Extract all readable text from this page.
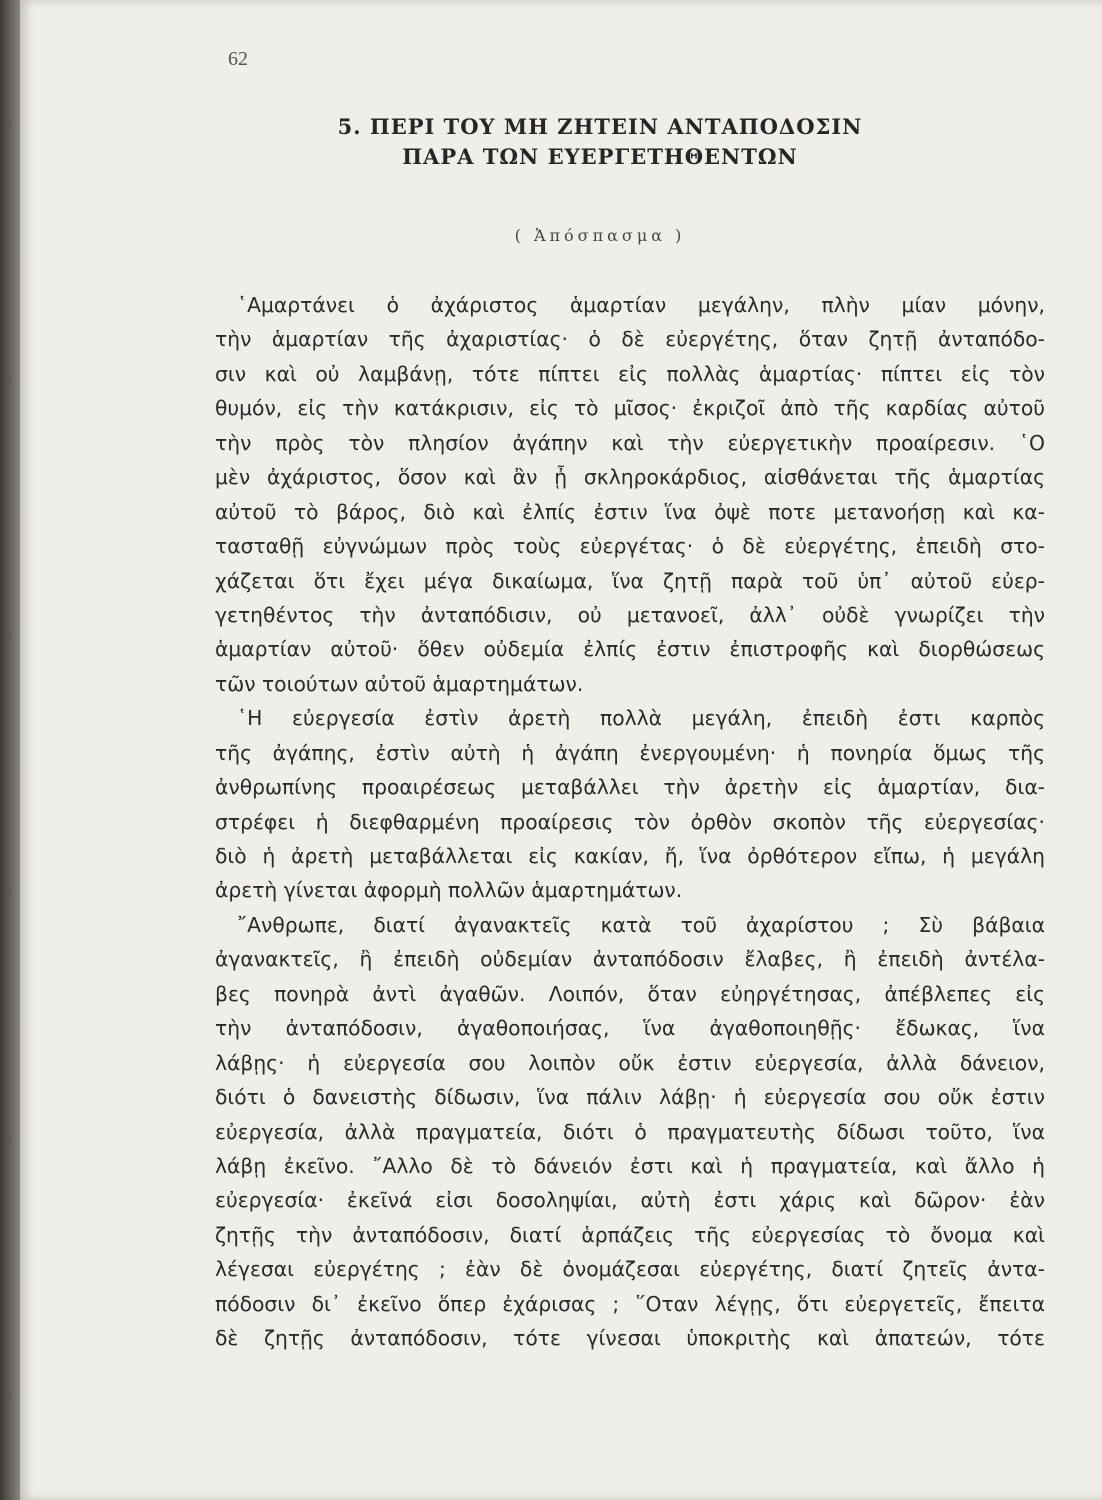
62
5. ΠΕΡΙ ΤΟΥ ΜΗ ΖΗΤΕΙΝ ΑΝΤΑΠΟΔΟΣΙΝ
ΠΑΡΑ ΤΩΝ ΕΥΕΡΓΕΤΗΘΕΝΤΩΝ
( Ἀπόσπασμα )
῾Αμαρτάνει ὁ ἀχάριστος ἁμαρτίαν μεγάλην, πλὴν μίαν μόνην,
τὴν ἁμαρτίαν τῆς ἀχαριστίας· ὁ δὲ εὐεργέτης, ὅταν ζητῇ ἀνταπόδο-
σιν καὶ οὐ λαμβάνῃ, τότε πίπτει εἰς πολλὰς ἁμαρτίας· πίπτει εἰς τὸν
θυμόν, εἰς τὴν κατάκρισιν, εἰς τὸ μῖσος· ἐκριζοῖ ἀπὸ τῆς καρδίας αὐτοῦ
τὴν πρὸς τὸν πλησίον ἀγάπην καὶ τὴν εὐεργετικὴν προαίρεσιν. ῾Ο
μὲν ἀχάριστος, ὅσον καὶ ἂν ᾖ σκληροκάρδιος, αἰσθάνεται τῆς ἁμαρτίας
αὐτοῦ τὸ βάρος, διὸ καὶ ἐλπίς ἐστιν ἵνα ὀψὲ ποτε μετανοήσῃ καὶ κα-
τασταθῇ εὐγνώμων πρὸς τοὺς εὐεργέτας· ὁ δὲ εὐεργέτης, ἐπειδὴ στο-
χάζεται ὅτι ἔχει μέγα δικαίωμα, ἵνα ζητῇ παρὰ τοῦ ὑπ᾽ αὐτοῦ εὐερ-
γετηθέντος τὴν ἀνταπόδισιν, οὐ μετανοεῖ, ἀλλ᾽ οὐδὲ γνωρίζει τὴν
ἁμαρτίαν αὐτοῦ· ὅθεν οὐδεμία ἐλπίς ἐστιν ἐπιστροφῆς καὶ διορθώσεως
τῶν τοιούτων αὐτοῦ ἁμαρτημάτων.
῾Η εὐεργεσία ἐστὶν ἀρετὴ πολλὰ μεγάλη, ἐπειδὴ ἐστι καρπὸς
τῆς ἀγάπης, ἐστὶν αὐτὴ ἡ ἀγάπη ἐνεργουμένη· ἡ πονηρία ὅμως τῆς
ἀνθρωπίνης προαιρέσεως μεταβάλλει τὴν ἀρετὴν εἰς ἁμαρτίαν, δια-
στρέφει ἡ διεφθαρμένη προαίρεσις τὸν ὀρθὸν σκοπὸν τῆς εὐεργεσίας·
διὸ ἡ ἀρετὴ μεταβάλλεται εἰς κακίαν, ἤ, ἵνα ὀρθότερον εἴπω, ἡ μεγάλη
ἀρετὴ γίνεται ἀφορμὴ πολλῶν ἁμαρτημάτων.
῎Ανθρωπε, διατί ἀγανακτεῖς κατὰ τοῦ ἀχαρίστου ; Σὺ βάβαια
ἀγανακτεῖς, ἢ ἐπειδὴ οὐδεμίαν ἀνταπόδοσιν ἔλαβες, ἢ ἐπειδὴ ἀντέλα-
βες πονηρὰ ἀντὶ ἀγαθῶν. Λοιπόν, ὅταν εὐηργέτησας, ἀπέβλεπες εἰς
τὴν ἀνταπόδοσιν, ἀγαθοποιήσας, ἵνα ἀγαθοποιηθῇς· ἔδωκας, ἵνα
λάβῃς· ἡ εὐεργεσία σου λοιπὸν οὔκ ἐστιν εὐεργεσία, ἀλλὰ δάνειον,
διότι ὁ δανειστὴς δίδωσιν, ἵνα πάλιν λάβῃ· ἡ εὐεργεσία σου οὔκ ἐστιν
εὐεργεσία, ἀλλὰ πραγματεία, διότι ὁ πραγματευτὴς δίδωσι τοῦτο, ἵνα
λάβῃ ἐκεῖνο. ῎Αλλο δὲ τὸ δάνειόν ἐστι καὶ ἡ πραγματεία, καὶ ἄλλο ἡ
εὐεργεσία· ἐκεῖνά εἰσι δοσοληψίαι, αὐτὴ ἐστι χάρις καὶ δῶρον· ἐὰν
ζητῇς τὴν ἀνταπόδοσιν, διατί ἁρπάζεις τῆς εὐεργεσίας τὸ ὄνομα καὶ
λέγεσαι εὐεργέτης ; ἐὰν δὲ ὀνομάζεσαι εὐεργέτης, διατί ζητεῖς ἀντα-
πόδοσιν δι᾽ ἐκεῖνο ὅπερ ἐχάρισας ; ῞Οταν λέγῃς, ὅτι εὐεργετεῖς, ἔπειτα
δὲ ζητῇς ἀνταπόδοσιν, τότε γίνεσαι ὑποκριτὴς καὶ ἀπατεών, τότε
